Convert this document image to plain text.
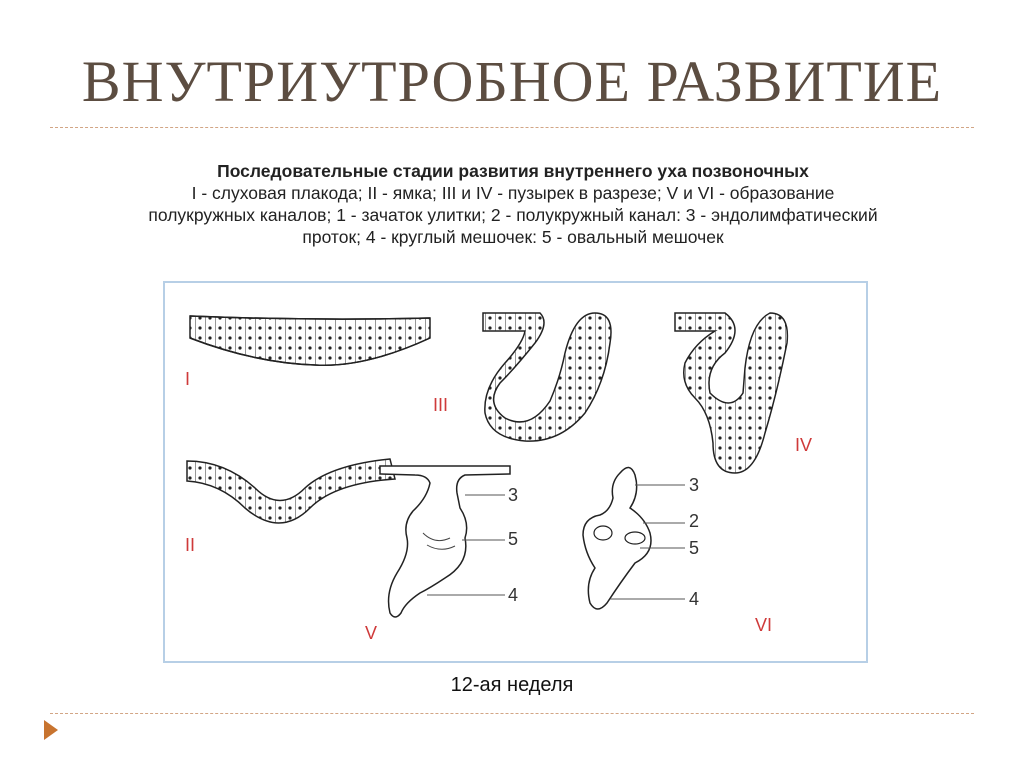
ВНУТРИУТРОБНОЕ РАЗВИТИЕ
Последовательные стадии развития внутреннего уха позвоночных
I - слуховая плакода; II - ямка; III и IV - пузырек в разрезе; V и VI - образование полукружных каналов; 1 - зачаток улитки; 2 - полукружный канал: 3 - эндолимфатический проток; 4 - круглый мешочек: 5 - овальный мешочек
I
II
III
IV
V	VI
3
5
4
3
2
5
4
12-ая неделя
